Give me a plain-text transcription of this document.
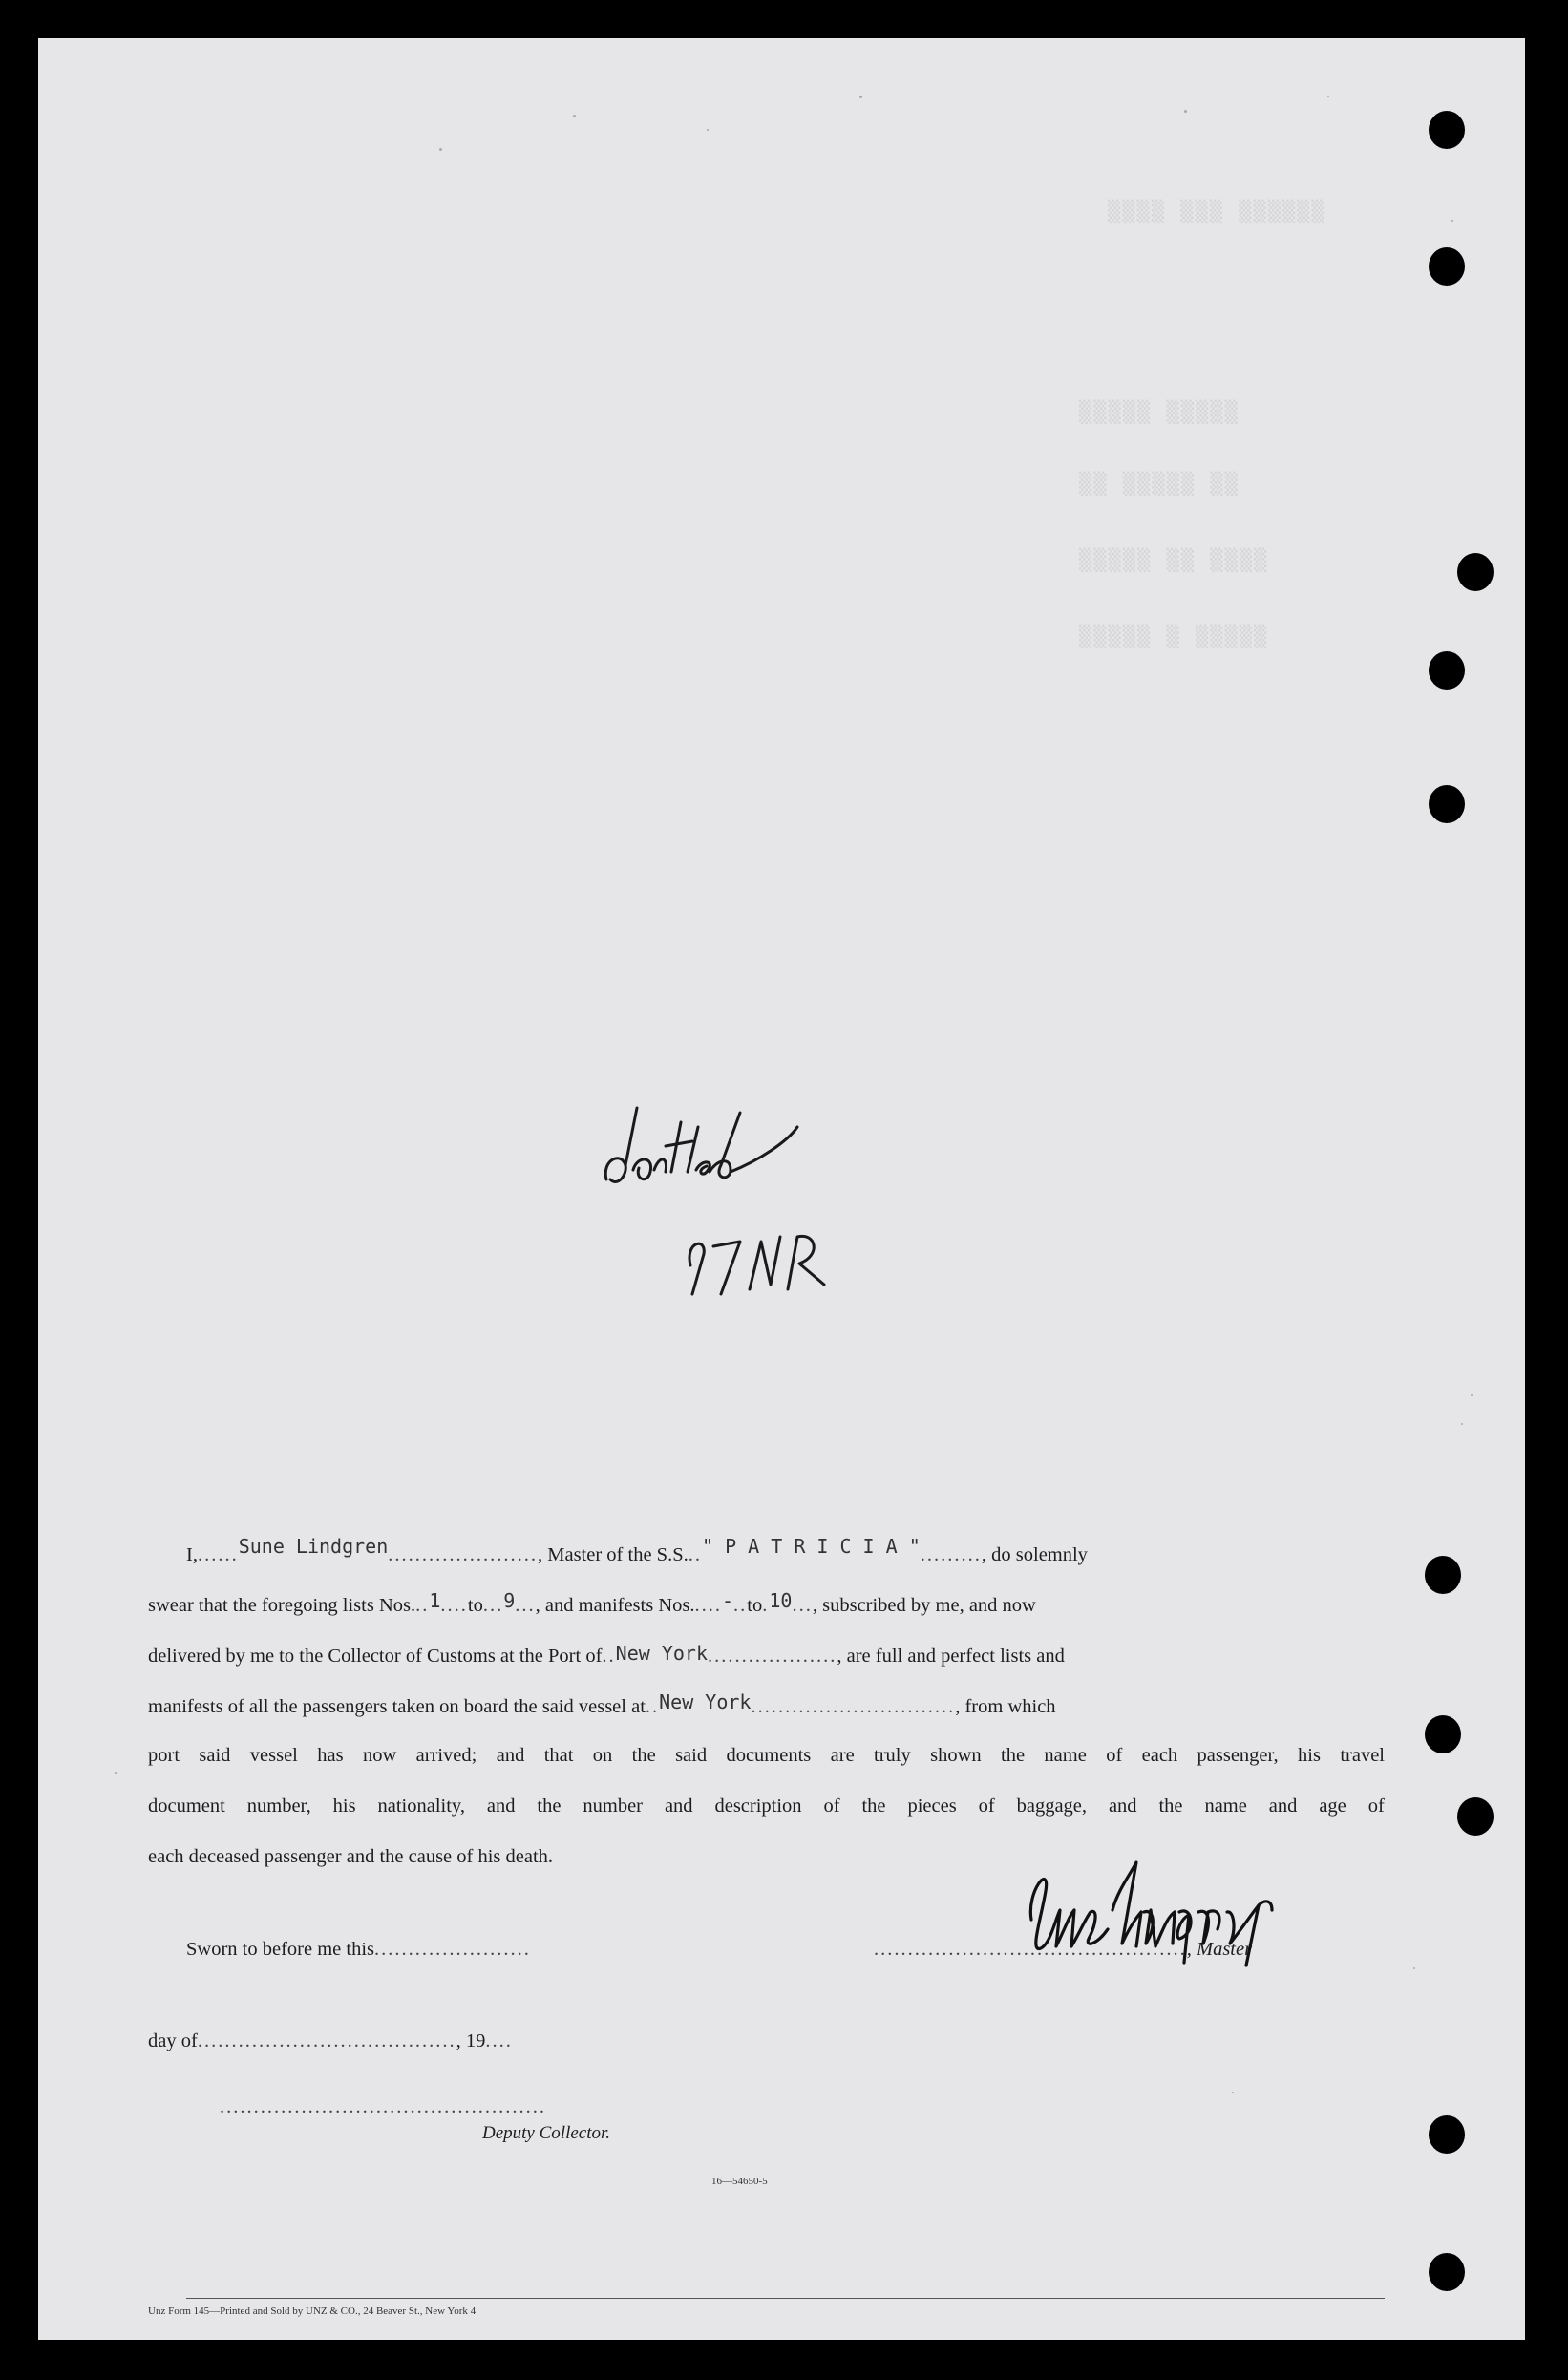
▒▒▒▒ ▒▒▒ ▒▒▒▒▒▒
▒▒▒▒▒ ▒▒▒▒▒
▒▒ ▒▒▒▒▒ ▒▒
▒▒▒▒▒ ▒▒ ▒▒▒▒
▒▒▒▒▒ ▒ ▒▒▒▒▒
I,......Sune Lindgren......................, Master of the S.S..." P A T R I C I A "........., do solemnly
swear that the foregoing lists Nos...1....to...9..., and manifests Nos.....-..to.10..., subscribed by me, and now
delivered by me to the Collector of Customs at the Port of..New York..................., are full and perfect lists and
manifests of all the passengers taken on board the said vessel at..New York.............................., from which
port said vessel has now arrived; and that on the said documents are truly shown the name of each passenger, his travel
document number, his nationality, and the number and description of the pieces of baggage, and the name and age of
each deceased passenger and the cause of his death.
Sworn to before me this.......................	.............................................., Master
day of......................................, 19....
................................................
Deputy Collector.
16—54650-5
Unz Form 145—Printed and Sold by UNZ & CO., 24 Beaver St., New York 4
